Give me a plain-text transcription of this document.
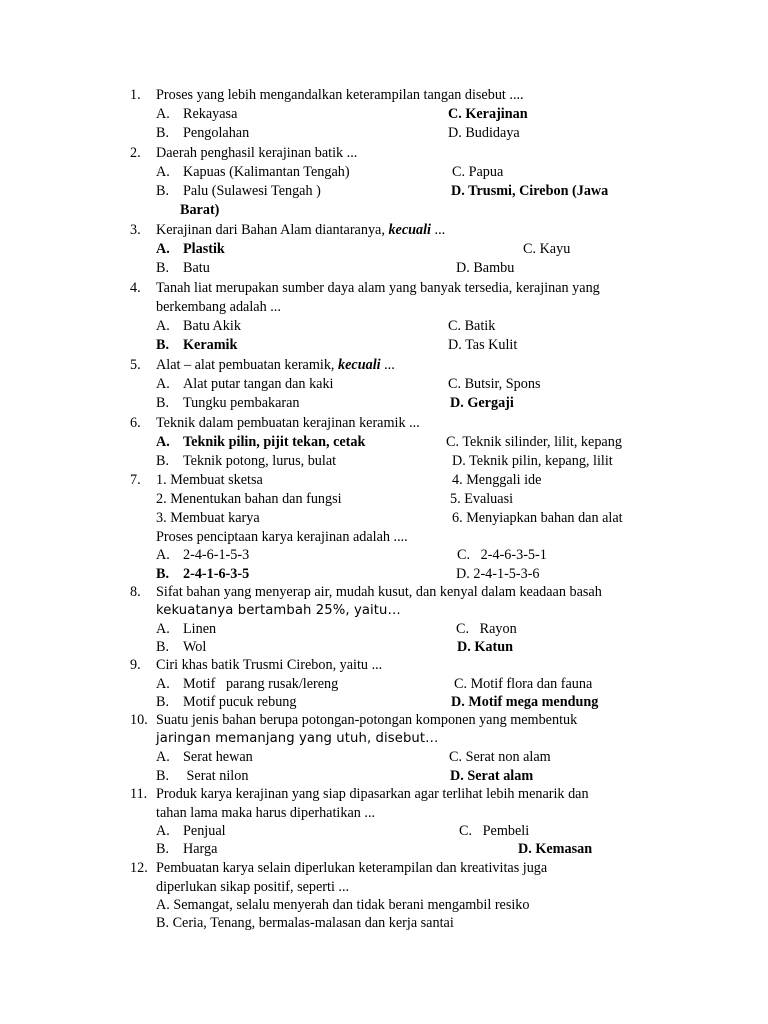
1. Proses yang lebih mengandalkan keterampilan tangan disebut ....
A. Rekayasa	C. Kerajinan
B. Pengolahan	D. Budidaya
2. Daerah penghasil kerajinan batik ...
A. Kapuas (Kalimantan Tengah)	C. Papua
B. Palu (Sulawesi Tengah )	D. Trusmi, Cirebon (Jawa
Barat)
3. Kerajinan dari Bahan Alam diantaranya, kecuali ...
A. Plastik	C. Kayu
B. Batu	D. Bambu
4. Tanah liat merupakan sumber daya alam yang banyak tersedia, kerajinan yang
berkembang adalah ...
A. Batu Akik	C. Batik
B. Keramik	D. Tas Kulit
5. Alat – alat pembuatan keramik, kecuali ...
A. Alat putar tangan dan kaki	C. Butsir, Spons
B. Tungku pembakaran	D. Gergaji
6. Teknik dalam pembuatan kerajinan keramik ...
A. Teknik pilin, pijit tekan, cetak	C. Teknik silinder, lilit, kepang
B. Teknik potong, lurus, bulat	D. Teknik pilin, kepang, lilit
7. 1. Membuat sketsa	4. Menggali ide
2. Menentukan bahan dan fungsi	5. Evaluasi
3. Membuat karya	6. Menyiapkan bahan dan alat
Proses penciptaan karya kerajinan adalah ....
A. 2-4-6-1-5-3	C. 2-4-6-3-5-1
B. 2-4-1-6-3-5	D. 2-4-1-5-3-6
8. Sifat bahan yang menyerap air, mudah kusut, dan kenyal dalam keadaan basah
kekuatanya bertambah 25%, yaitu…
A. Linen	C. Rayon
B. Wol	D. Katun
9. Ciri khas batik Trusmi Cirebon, yaitu ...
A. Motif   parang rusak/lereng	C. Motif flora dan fauna
B. Motif pucuk rebung	D. Motif mega mendung
10. Suatu jenis bahan berupa potongan-potongan komponen yang membentuk
jaringan memanjang yang utuh, disebut…
A. Serat hewan	C. Serat non alam
B. Serat nilon	D. Serat alam
11. Produk karya kerajinan yang siap dipasarkan agar terlihat lebih menarik dan
tahan lama maka harus diperhatikan ...
A. Penjual	C. Pembeli
B. Harga	D. Kemasan
12. Pembuatan karya selain diperlukan keterampilan dan kreativitas juga
diperlukan sikap positif, seperti ...
A. Semangat, selalu menyerah dan tidak berani mengambil resiko
B. Ceria, Tenang, bermalas-malasan dan kerja santai
